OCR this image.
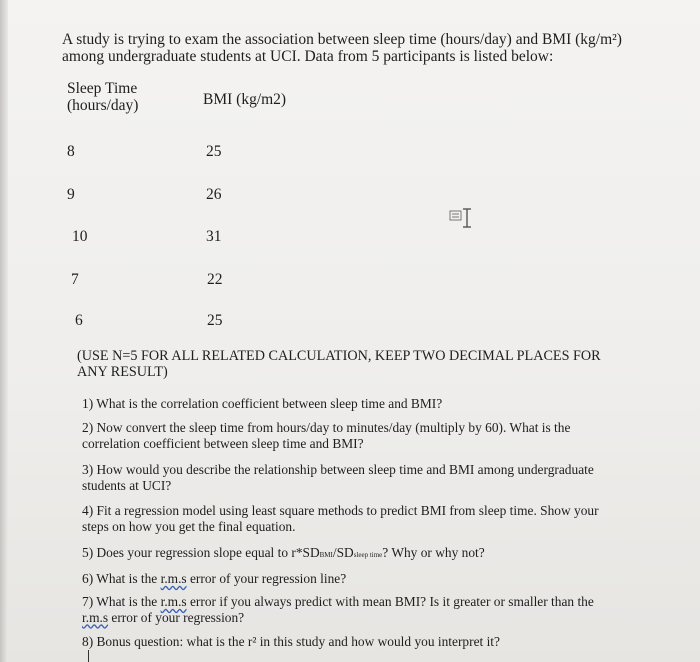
A study is trying to exam the association between sleep time (hours/day) and BMI (kg/m²) among undergraduate students at UCI. Data from 5 participants is listed below:
Sleep Time (hours/day)	BMI (kg/m2)
8	25
9	26
10	31
7	22
6	25
(USE N=5 FOR ALL RELATED CALCULATION, KEEP TWO DECIMAL PLACES FOR ANY RESULT)
1) What is the correlation coefficient between sleep time and BMI?
2) Now convert the sleep time from hours/day to minutes/day (multiply by 60). What is the correlation coefficient between sleep time and BMI?
3) How would you describe the relationship between sleep time and BMI among undergraduate students at UCI?
4) Fit a regression model using least square methods to predict BMI from sleep time. Show your steps on how you get the final equation.
5) Does your regression slope equal to r*SDBMI/SDsleep time? Why or why not?
6) What is the r.m.s error of your regression line?
7) What is the r.m.s error if you always predict with mean BMI? Is it greater or smaller than the
r.m.s error of your regression?
8) Bonus question: what is the r² in this study and how would you interpret it?
